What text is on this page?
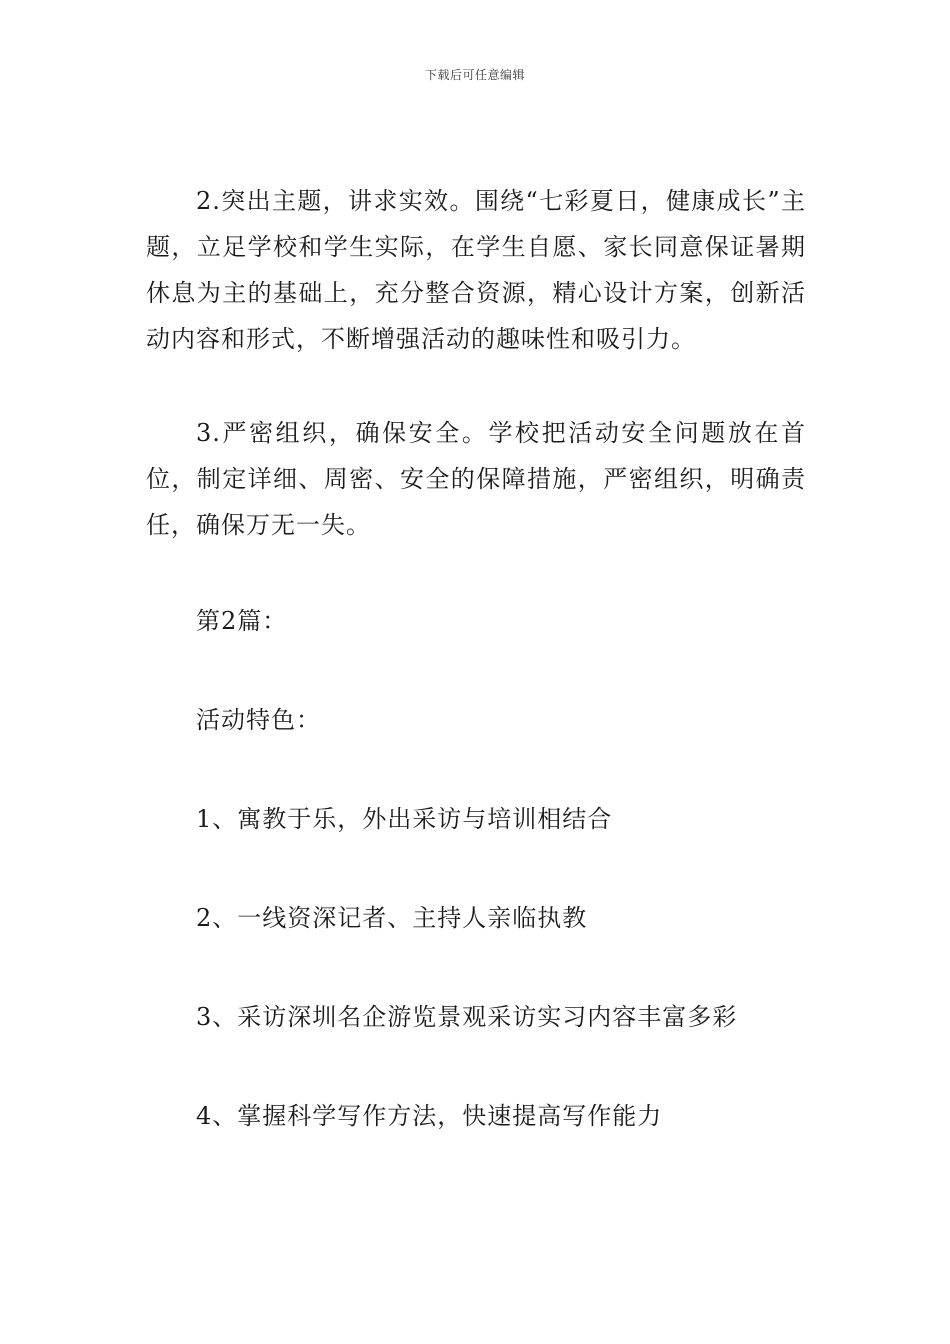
下载后可任意编辑

2.突出主题，讲求实效。围绕“七彩夏日，健康成长”主题，立足学校和学生实际，在学生自愿、家长同意保证暑期休息为主的基础上，充分整合资源，精心设计方案，创新活动内容和形式，不断增强活动的趣味性和吸引力。

3.严密组织，确保安全。学校把活动安全问题放在首位，制定详细、周密、安全的保障措施，严密组织，明确责任，确保万无一失。

第2篇：

活动特色：

1、寓教于乐，外出采访与培训相结合

2、一线资深记者、主持人亲临执教

3、采访深圳名企游览景观采访实习内容丰富多彩

4、掌握科学写作方法，快速提高写作能力
